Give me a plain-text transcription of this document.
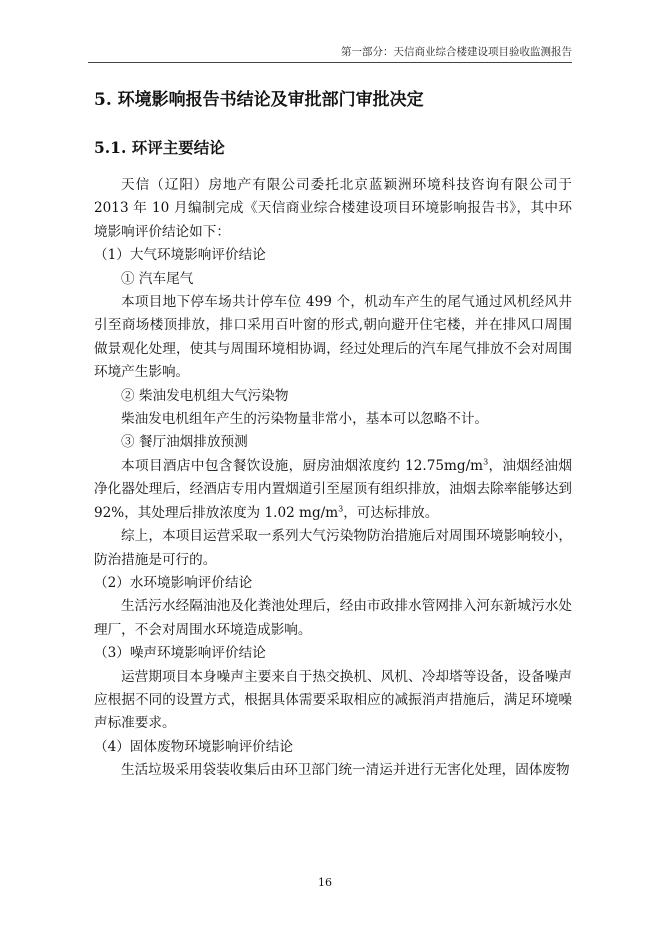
第一部分：天信商业综合楼建设项目验收监测报告
5. 环境影响报告书结论及审批部门审批决定
5.1. 环评主要结论

天信（辽阳）房地产有限公司委托北京蓝颖洲环境科技咨询有限公司于 2013 年 10 月编制完成《天信商业综合楼建设项目环境影响报告书》，其中环境影响评价结论如下：

（1）大气环境影响评价结论

① 汽车尾气

本项目地下停车场共计停车位 499 个，机动车产生的尾气通过风机经风井引至商场楼顶排放，排口采用百叶窗的形式,朝向避开住宅楼，并在排风口周围做景观化处理，使其与周围环境相协调，经过处理后的汽车尾气排放不会对周围环境产生影响。

② 柴油发电机组大气污染物

柴油发电机组年产生的污染物量非常小，基本可以忽略不计。

③ 餐厅油烟排放预测

本项目酒店中包含餐饮设施，厨房油烟浓度约 $12.75mg/m^3$，油烟经油烟净化器处理后，经酒店专用内置烟道引至屋顶有组织排放，油烟去除率能够达到 92%，其处理后排放浓度为 1.02 $mg/m^3$，可达标排放。

综上，本项目运营采取一系列大气污染物防治措施后对周围环境影响较小，防治措施是可行的。

（2）水环境影响评价结论

生活污水经隔油池及化粪池处理后，经由市政排水管网排入河东新城污水处理厂，不会对周围水环境造成影响。

（3）噪声环境影响评价结论

运营期项目本身噪声主要来自于热交换机、风机、冷却塔等设备，设备噪声应根据不同的设置方式，根据具体需要采取相应的减振消声措施后，满足环境噪声标准要求。

（4）固体废物环境影响评价结论

生活垃圾采用袋装收集后由环卫部门统一清运并进行无害化处理，固体废物

16
